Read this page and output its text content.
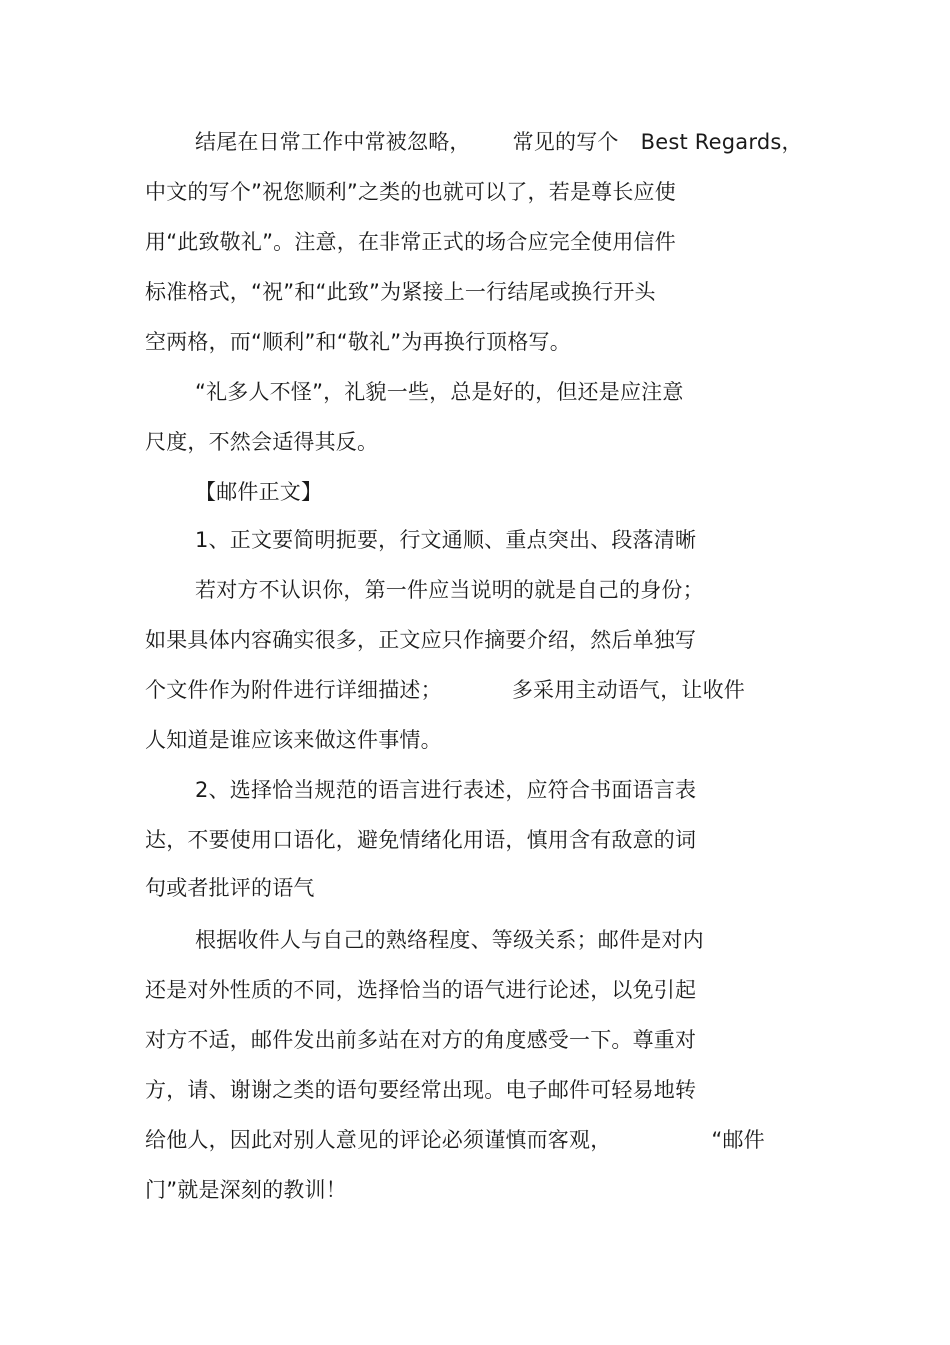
结尾在日常工作中常被忽略， 常见的写个 Best Regards，
中文的写个”祝您顺利”之类的也就可以了，若是尊长应使
用“此致敬礼”。注意，在非常正式的场合应完全使用信件
标准格式，“祝”和“此致”为紧接上一行结尾或换行开头
空两格，而“顺利”和“敬礼”为再换行顶格写。
“礼多人不怪”，礼貌一些，总是好的，但还是应注意
尺度，不然会适得其反。
【邮件正文】
1、正文要简明扼要，行文通顺、重点突出、段落清晰
若对方不认识你，第一件应当说明的就是自己的身份；
如果具体内容确实很多，正文应只作摘要介绍，然后单独写
个文件作为附件进行详细描述；	多采用主动语气，让收件
人知道是谁应该来做这件事情。
2、选择恰当规范的语言进行表述，应符合书面语言表
达，不要使用口语化，避免情绪化用语，慎用含有敌意的词
句或者批评的语气
根据收件人与自己的熟络程度、等级关系；邮件是对内
还是对外性质的不同，选择恰当的语气进行论述，以免引起
对方不适，邮件发出前多站在对方的角度感受一下。尊重对
方，请、谢谢之类的语句要经常出现。电子邮件可轻易地转
给他人，因此对别人意见的评论必须谨慎而客观，	“邮件
门”就是深刻的教训！
